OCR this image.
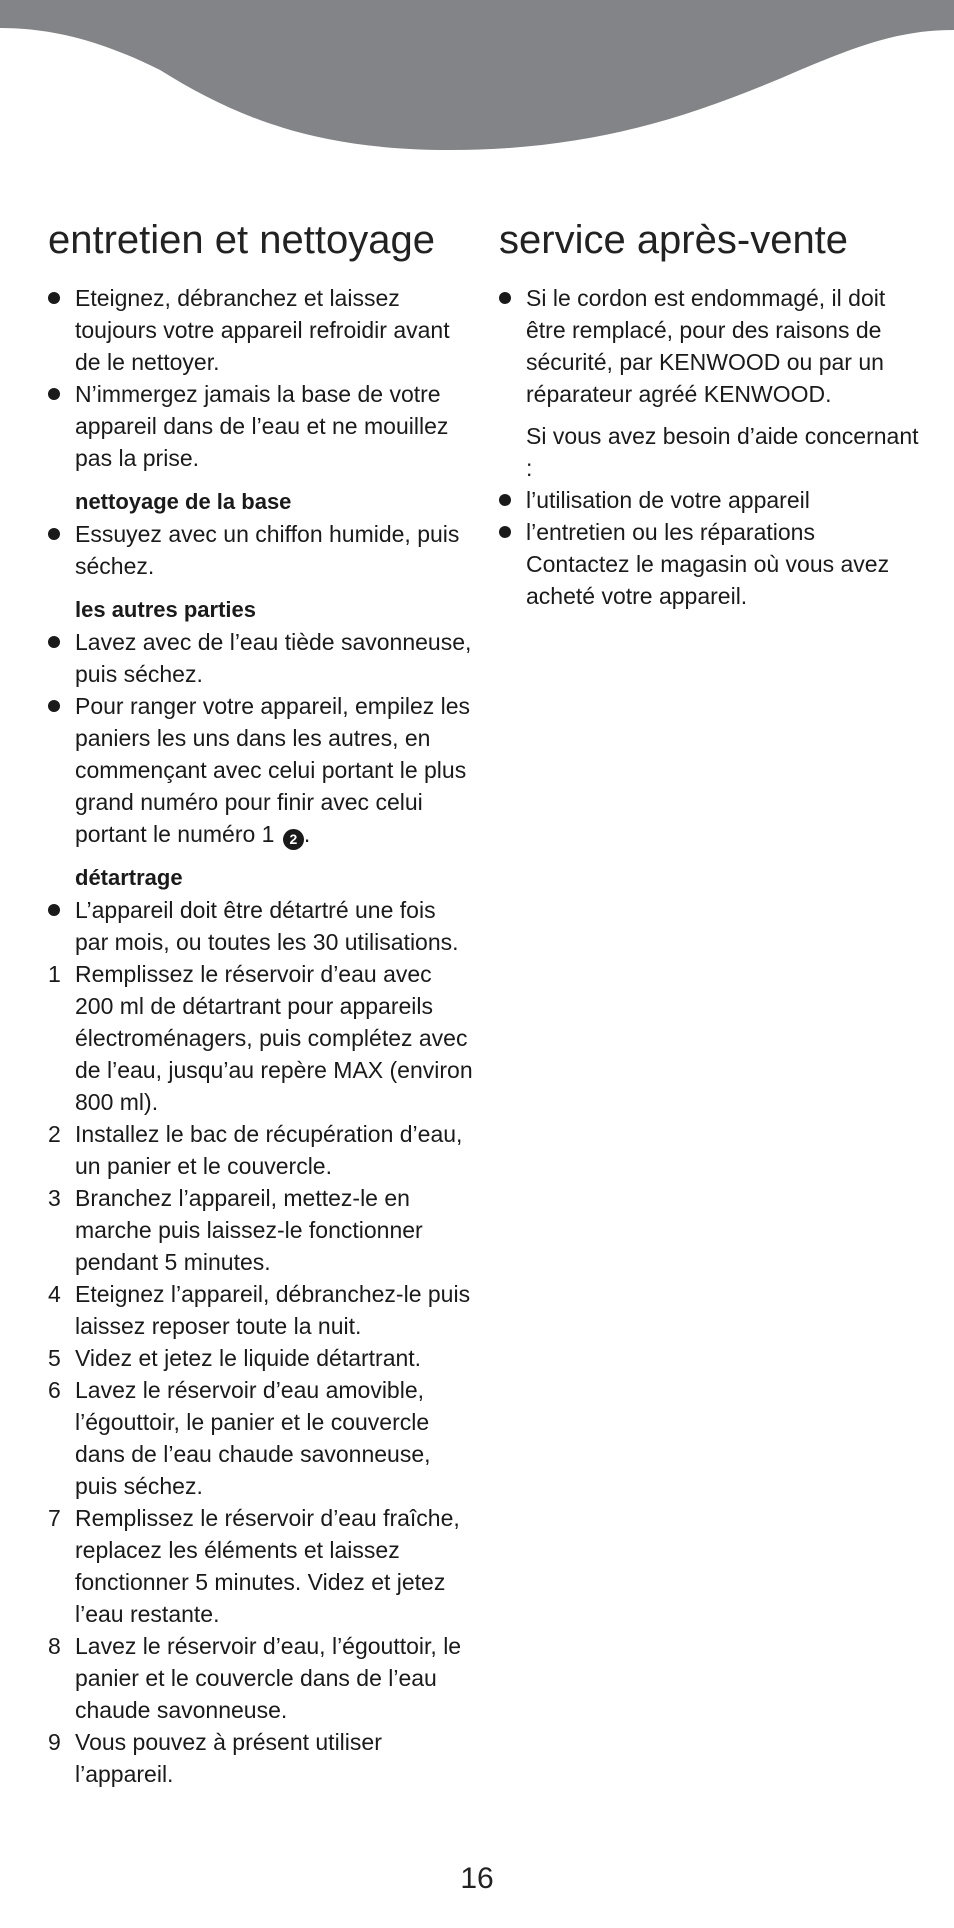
entretien et nettoyage
Eteignez, débranchez et laissez toujours votre appareil refroidir avant de le nettoyer.
N’immergez jamais la base de votre appareil dans de l’eau et ne mouillez pas la prise.
nettoyage de la base
Essuyez avec un chiffon humide, puis séchez.
les autres parties
Lavez avec de l’eau tiède savonneuse, puis séchez.
Pour ranger votre appareil, empilez les paniers les uns dans les autres, en commençant avec celui portant le plus grand numéro pour finir avec celui portant le numéro 1 2 .
détartrage
L’appareil doit être détartré une fois par mois, ou toutes les 30 utilisations.
1 Remplissez le réservoir d’eau avec 200 ml de détartrant pour appareils électroménagers, puis complétez avec de l’eau, jusqu’au repère MAX (environ 800 ml).
2 Installez le bac de récupération d’eau, un panier et le couvercle.
3 Branchez l’appareil, mettez-le en marche puis laissez-le fonctionner pendant 5 minutes.
4 Eteignez l’appareil, débranchez-le puis laissez reposer toute la nuit.
5 Videz et jetez le liquide détartrant.
6 Lavez le réservoir d’eau amovible, l’égouttoir, le panier et le couvercle dans de l’eau chaude savonneuse, puis séchez.
7 Remplissez le réservoir d’eau fraîche, replacez les éléments et laissez fonctionner 5 minutes. Videz et jetez l’eau restante.
8 Lavez le réservoir d’eau, l’égouttoir, le panier et le couvercle dans de l’eau chaude savonneuse.
9 Vous pouvez à présent utiliser l’appareil.
service après-vente
Si le cordon est endommagé, il doit être remplacé, pour des raisons de sécurité, par KENWOOD ou par un réparateur agréé KENWOOD.
Si vous avez besoin d’aide concernant :
l’utilisation de votre appareil
l’entretien ou les réparations
Contactez le magasin où vous avez acheté votre appareil.
16
